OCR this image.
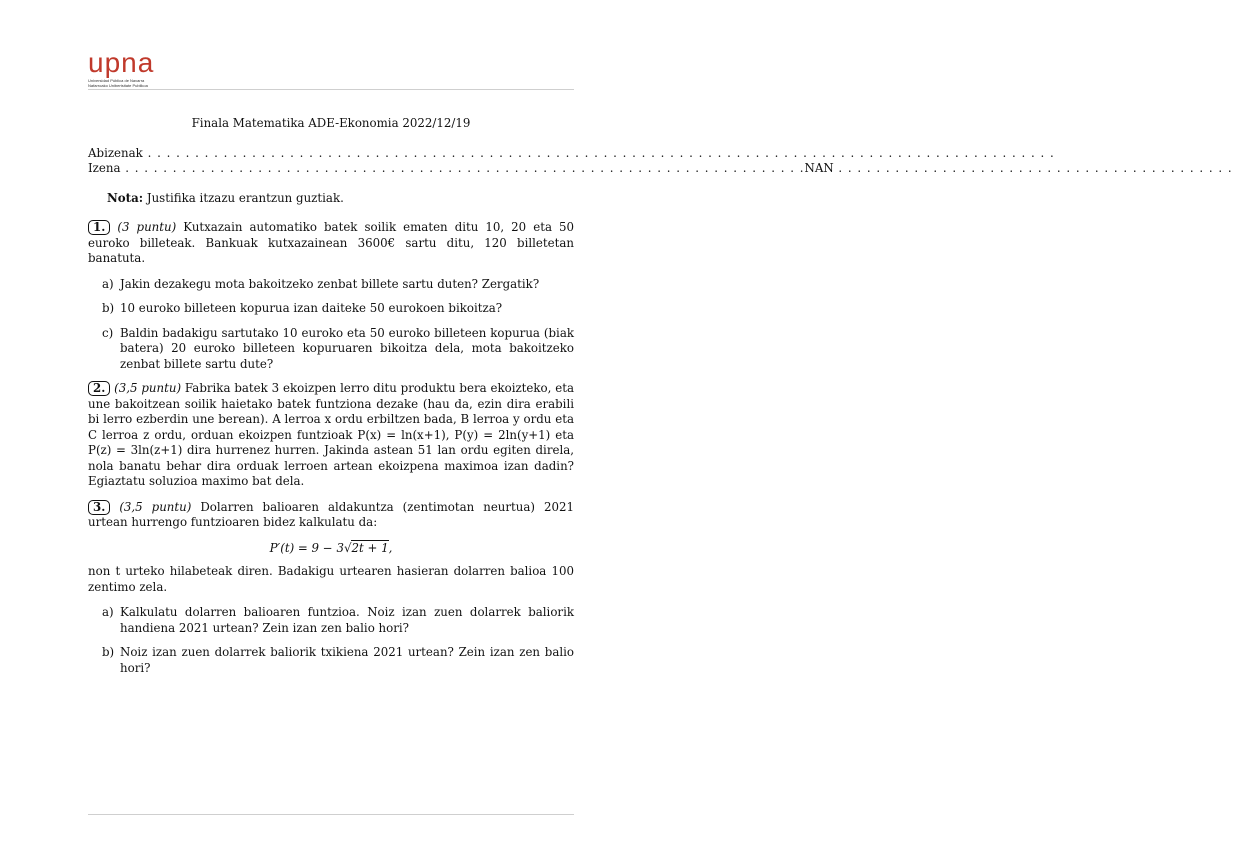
upna
Universidad Pública de Navarra Nafarroako Unibertsitate Publikoa
Finala Matematika ADE-Ekonomia 2022/12/19
Abizenak . . . . . . . . . . . . . . . . . . . . . . . . . . . . . . . . . . . . . . . . . . . . . . . . . . . . . . . . . . . . . . . . . . . . . . . . . . . . . . . . . . . . . . . . . . . . . . . .
Izena . . . . . . . . . . . . . . . . . . . . . . . . . . . . . . . . . . . . . . . . . . . . . . . . . . . . . . . . . . . . . . . . . . . . . . . . NAN . . . . . . . . . . . . . . . . . . . . . . . . . . . . . . . . . . . . . . . . . .
Nota: Justifika itzazu erantzun guztiak.
1. (3 puntu) Kutxazain automatiko batek soilik ematen ditu 10, 20 eta 50 euroko billeteak. Bankuak kutxazainean 3600€ sartu ditu, 120 billetetan banatuta.
a) Jakin dezakegu mota bakoitzeko zenbat billete sartu duten? Zergatik?
b) 10 euroko billeteen kopurua izan daiteke 50 eurokoen bikoitza?
c) Baldin badakigu sartutako 10 euroko eta 50 euroko billeteen kopurua (biak batera) 20 euroko billeteen kopuruaren bikoitza dela, mota bakoitzeko zenbat billete sartu dute?
2. (3,5 puntu) Fabrika batek 3 ekoizpen lerro ditu produktu bera ekoizteko, eta une bakoitzean soilik haietako batek funtziona dezake (hau da, ezin dira erabili bi lerro ezberdin une berean). A lerroa x ordu erbiltzen bada, B lerroa y ordu eta C lerroa z ordu, orduan ekoizpen funtzioak P(x) = ln(x+1), P(y) = 2ln(y+1) eta P(z) = 3ln(z+1) dira hurrenez hurren. Jakinda astean 51 lan ordu egiten direla, nola banatu behar dira orduak lerroen artean ekoizpena maximoa izan dadin? Egiaztatu soluzioa maximo bat dela.
3. (3,5 puntu) Dolarren balioaren aldakuntza (zentimotan neurtua) 2021 urtean hurrengo funtzioaren bidez kalkulatu da:
P′(t) = 9 − 3√2t + 1,
non t urteko hilabeteak diren. Badakigu urtearen hasieran dolarren balioa 100 zentimo zela.
a) Kalkulatu dolarren balioaren funtzioa. Noiz izan zuen dolarrek baliorik handiena 2021 urtean? Zein izan zen balio hori?
b) Noiz izan zuen dolarrek baliorik txikiena 2021 urtean? Zein izan zen balio hori?
